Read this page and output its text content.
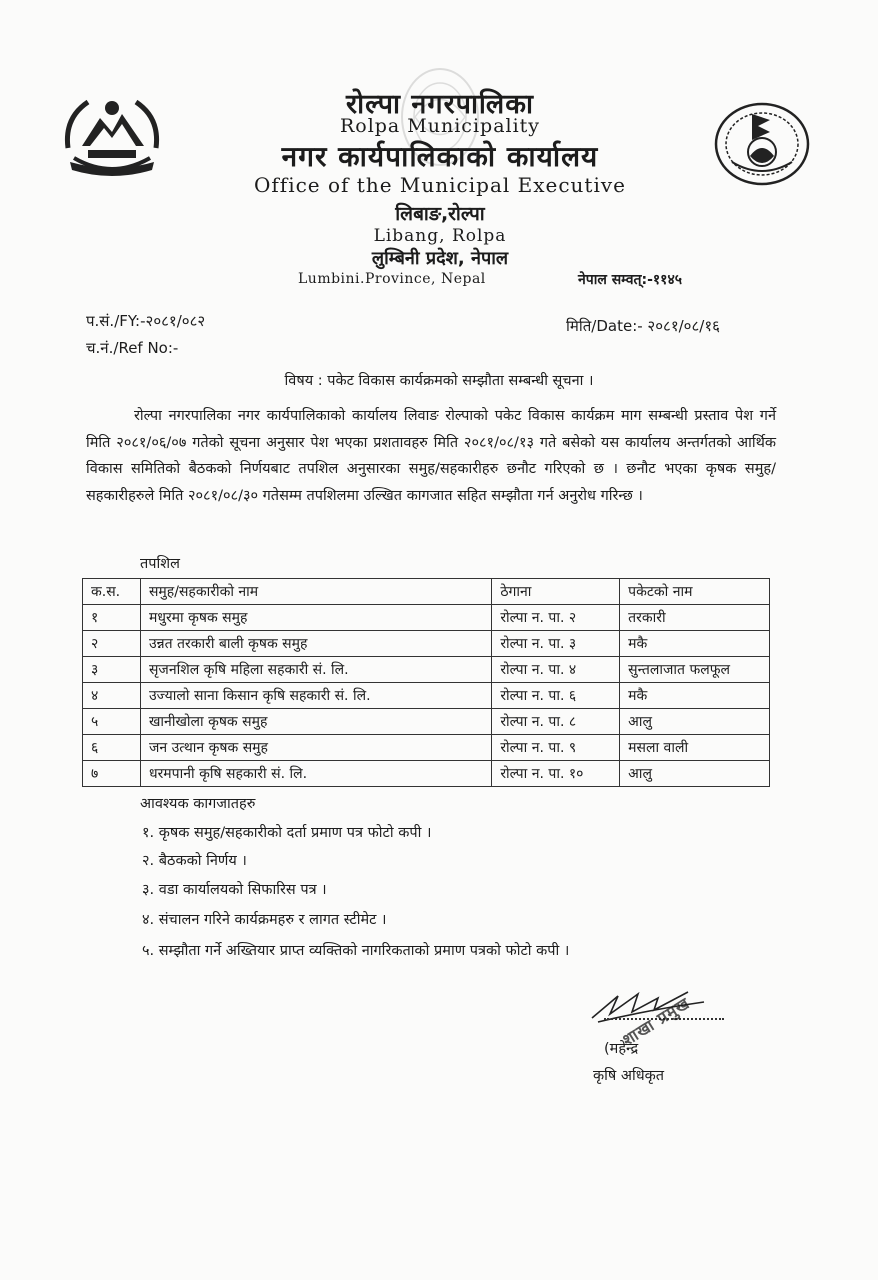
रोल्पा नगरपालिका
Rolpa Municipality
नगर कार्यपालिकाको कार्यालय
Office of the Municipal Executive
लिबाङ,रोल्पा
Libang, Rolpa
लुम्बिनी प्रदेश, नेपाल
Lumbini.Province, Nepal	नेपाल सम्वत्:-११४५
प.सं./FY:-२०८१/०८२
च.नं./Ref No:-
मिति/Date:- २०८१/०८/१६
विषय : पकेट विकास कार्यक्रमको सम्झौता सम्बन्धी सूचना ।

रोल्पा नगरपालिका नगर कार्यपालिकाको कार्यालय लिवाङ रोल्पाको पकेट विकास कार्यक्रम माग सम्बन्धी प्रस्ताव पेश गर्ने मिति २०८१/०६/०७ गतेको सूचना अनुसार पेश भएका प्रशतावहरु मिति २०८१/०८/१३ गते बसेको यस कार्यालय अन्तर्गतको आर्थिक विकास समितिको बैठकको निर्णयबाट तपशिल अनुसारका समुह/सहकारीहरु छनौट गरिएको छ । छनौट भएका कृषक समुह/सहकारीहरुले मिति २०८१/०८/३० गतेसम्म तपशिलमा उल्खित कागजात सहित सम्झौता गर्न अनुरोध गरिन्छ ।

तपशिल
क.स.	समुह/सहकारीको नाम	ठेगाना	पकेटको नाम
१	मधुरमा कृषक समुह	रोल्पा न. पा. २	तरकारी
२	उन्नत तरकारी बाली कृषक समुह	रोल्पा न. पा. ३	मकै
३	सृजनशिल कृषि महिला सहकारी सं. लि.	रोल्पा न. पा. ४	सुन्तलाजात फलफूल
४	उज्यालो साना किसान कृषि सहकारी सं. लि.	रोल्पा न. पा. ६	मकै
५	खानीखोला कृषक समुह	रोल्पा न. पा. ८	आलु
६	जन उत्थान कृषक समुह	रोल्पा न. पा. ९	मसला वाली
७	धरमपानी कृषि सहकारी सं. लि.	रोल्पा न. पा. १०	आलु
आवश्यक कागजातहरु
१. कृषक समुह/सहकारीको दर्ता प्रमाण पत्र फोटो कपी ।
२. बैठकको निर्णय ।
३. वडा कार्यालयको सिफारिस पत्र ।
४. संचालन गरिने कार्यक्रमहरु र लागत स्टीमेट ।
५. सम्झौता गर्ने अख्तियार प्राप्त व्यक्तिको नागरिकताको प्रमाण पत्रको फोटो कपी ।
शाखा प्रमुख
(महेन्द्र
कृषि अधिकृत
